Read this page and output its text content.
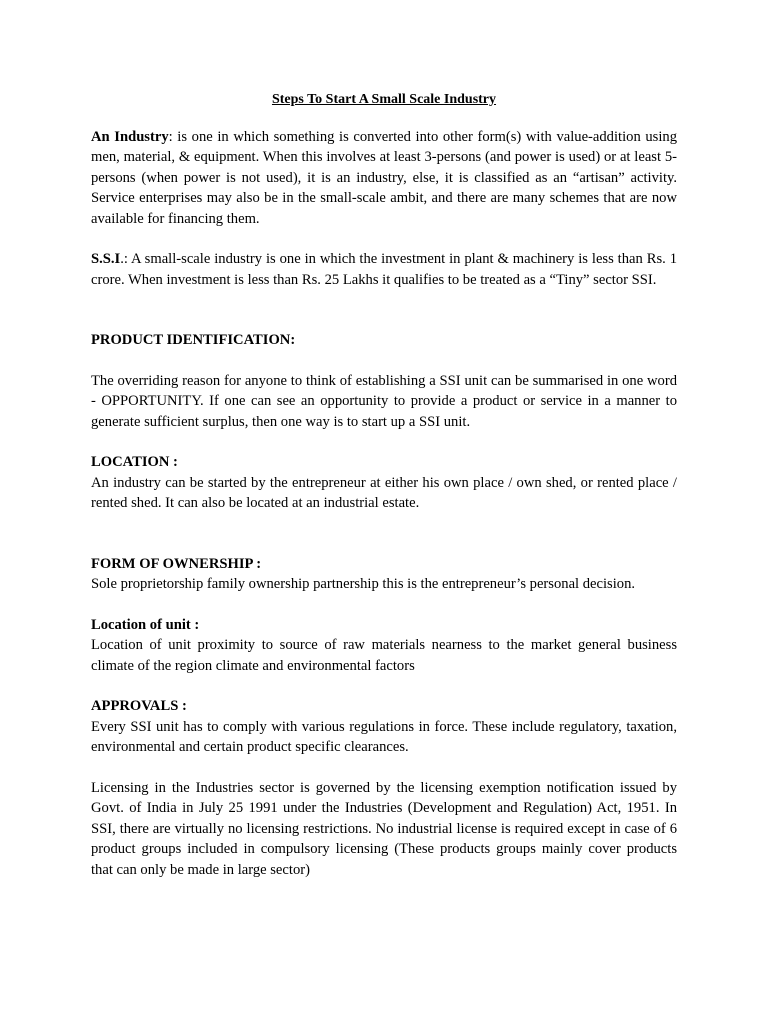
Steps To Start A Small Scale Industry

An Industry: is one in which something is converted into other form(s) with value-addition using men, material, & equipment. When this involves at least 3-persons (and power is used) or at least 5-persons (when power is not used), it is an industry, else, it is classified as an “artisan” activity. Service enterprises may also be in the small-scale ambit, and there are many schemes that are now available for financing them.

S.S.I.: A small-scale industry is one in which the investment in plant & machinery is less than Rs. 1 crore. When investment is less than Rs. 25 Lakhs it qualifies to be treated as a “Tiny” sector SSI.

PRODUCT IDENTIFICATION:

The overriding reason for anyone to think of establishing a SSI unit can be summarised in one word - OPPORTUNITY. If one can see an opportunity to provide a product or service in a manner to generate sufficient surplus, then one way is to start up a SSI unit.

LOCATION :

An industry can be started by the entrepreneur at either his own place / own shed, or rented place / rented shed. It can also be located at an industrial estate.

FORM OF OWNERSHIP :

Sole proprietorship family ownership partnership this is the entrepreneur’s personal decision.

Location of unit :

Location of unit proximity to source of raw materials nearness to the market general business climate of the region climate and environmental factors

APPROVALS :

Every SSI unit has to comply with various regulations in force. These include regulatory, taxation, environmental and certain product specific clearances.

Licensing in the Industries sector is governed by the licensing exemption notification issued by Govt. of India in July 25 1991 under the Industries (Development and Regulation) Act, 1951. In SSI, there are virtually no licensing restrictions. No industrial license is required except in case of 6 product groups included in compulsory licensing (These products groups mainly cover products that can only be made in large sector)
